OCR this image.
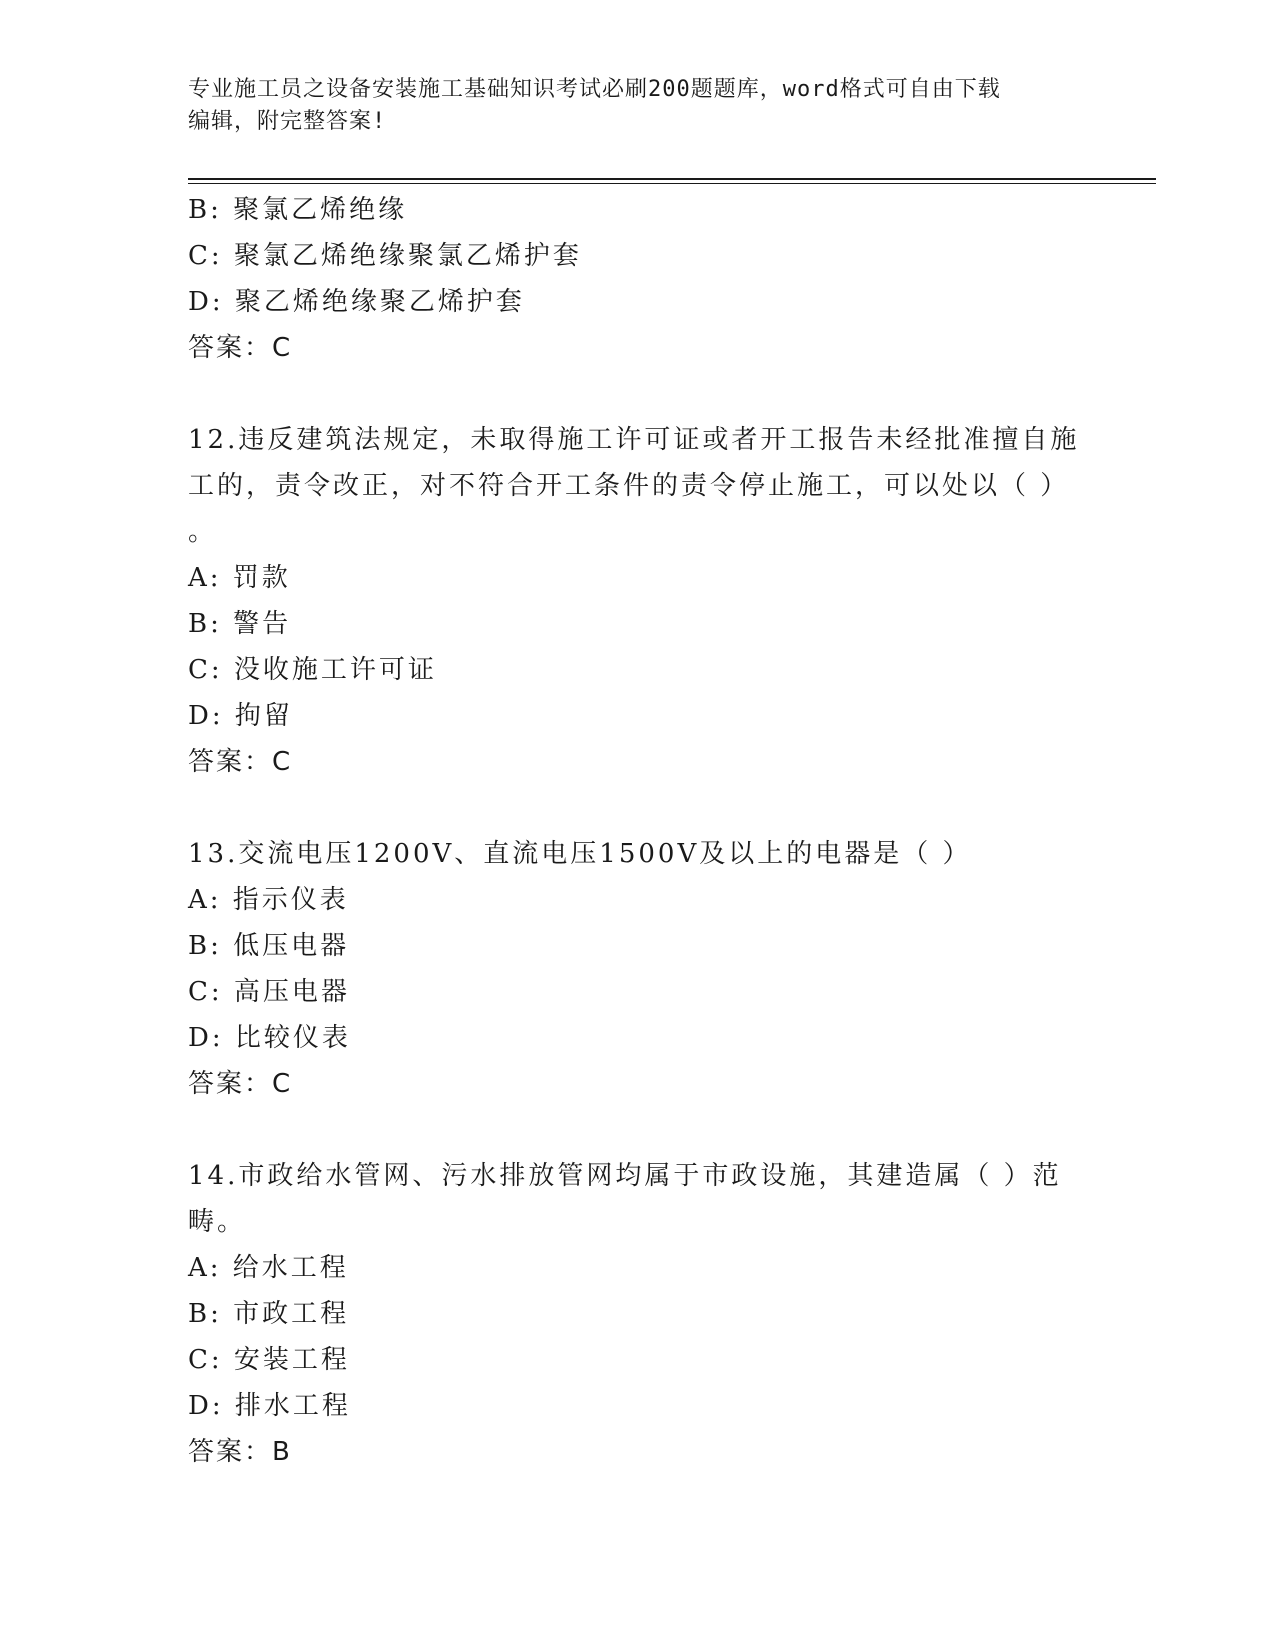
专业施工员之设备安装施工基础知识考试必刷200题题库，word格式可自由下载
编辑，附完整答案!
B: 聚氯乙烯绝缘
C: 聚氯乙烯绝缘聚氯乙烯护套
D: 聚乙烯绝缘聚乙烯护套
答案：C
12.违反建筑法规定，未取得施工许可证或者开工报告未经批准擅自施
工的，责令改正，对不符合开工条件的责令停止施工，可以处以（ ）
。
A: 罚款
B: 警告
C: 没收施工许可证
D: 拘留
答案：C
13.交流电压1200V、直流电压1500V及以上的电器是（ ）
A: 指示仪表
B: 低压电器
C: 高压电器
D: 比较仪表
答案：C
14.市政给水管网、污水排放管网均属于市政设施，其建造属（ ）范
畴。
A: 给水工程
B: 市政工程
C: 安装工程
D: 排水工程
答案：B
